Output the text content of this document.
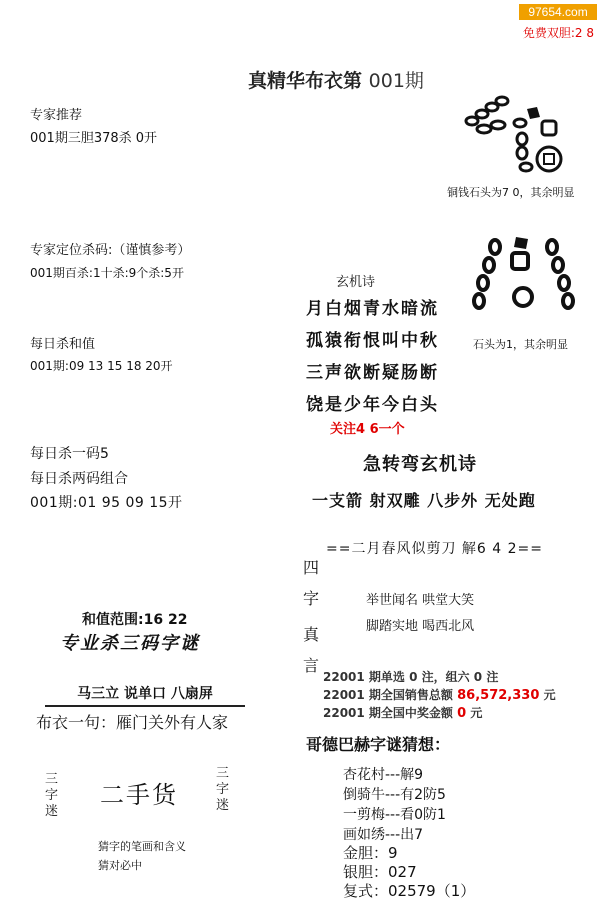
97654.com
免费双胆:2 8
真精华布衣第 001期
专家推荐
001期三胆378杀 0开
专家定位杀码:（谨慎参考）
001期百杀:1十杀:9个杀:5开
每日杀和值
001期:09 13 15 18 20开
每日杀一码5
每日杀两码组合
001期:01 95 09 15开
和值范围:16 22
专业杀三码字谜
马三立 说单口 八扇屏
布衣一句：雁门关外有人家
三字迷
二手货
三字迷
猜字的笔画和含义
猜对必中
铜钱石头为7 0，其余明显
石头为1，其余明显
玄机诗
月白烟青水暗流
孤猿衔恨叫中秋
三声欲断疑肠断
饶是少年今白头
关注4 6一个
急转弯玄机诗
一支箭 射双雕 八步外 无处跑
==二月春风似剪刀 解6 4 2==
四
字
真
言
举世闻名 哄堂大笑
脚踏实地 喝西北风
22001 期单选 0 注，组六 0 注
22001 期全国销售总额 86,572,330 元
22001 期全国中奖金额 0 元
哥德巴赫字谜猜想：
杏花村---解9
倒骑牛---有2防5
一剪梅---看0防1
画如绣---出7
金胆：9
银胆：027
复式：02579（1）
